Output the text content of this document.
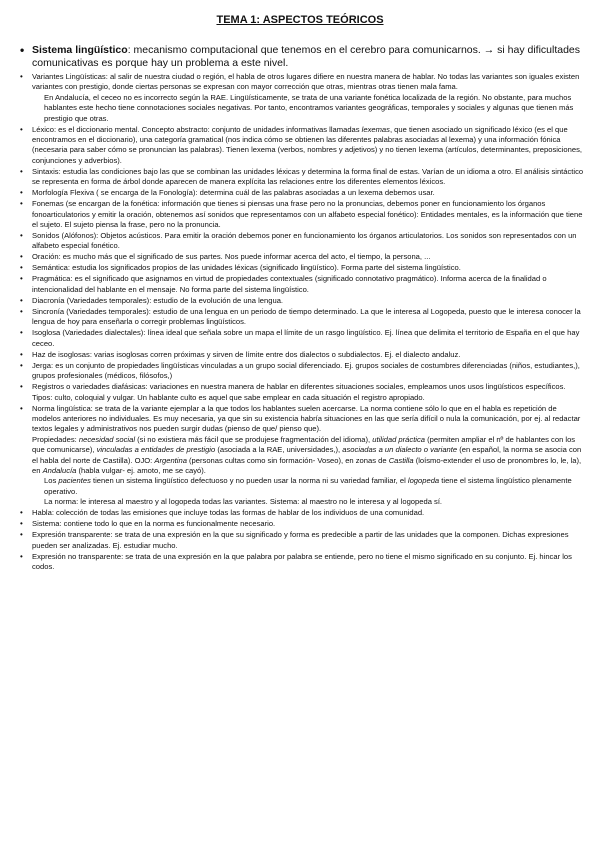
TEMA 1: ASPECTOS TEÓRICOS
• Sistema lingüístico: mecanismo computacional que tenemos en el cerebro para comunicarnos. → si hay dificultades comunicativas es porque hay un problema a este nivel.
• Variantes Lingüísticas: al salir de nuestra ciudad o región, el habla de otros lugares difiere en nuestra manera de hablar. No todas las variantes son iguales existen variantes con prestigio, donde ciertas personas se expresan con mayor corrección que otras, mientras otras tienen mala fama.
En Andalucía, el ceceo no es incorrecto según la RAE. Lingüísticamente, se trata de una variante fonética localizada de la región. No obstante, para muchos hablantes este hecho tiene connotaciones sociales negativas. Por tanto, encontramos variantes geográficas, temporales y sociales y algunas que tienen más prestigio que otras.
• Léxico: es el diccionario mental. Concepto abstracto: conjunto de unidades informativas llamadas lexemas, que tienen asociado un significado léxico (es el que encontramos en el diccionario), una categoría gramatical (nos indica cómo se obtienen las diferentes palabras asociadas al lexema) y una información fónica (necesaria para saber cómo se pronuncian las palabras). Tienen lexema (verbos, nombres y adjetivos) y no tienen lexema (artículos, determinantes, preposiciones, conjunciones y adverbios).
• Sintaxis: estudia las condiciones bajo las que se combinan las unidades léxicas y determina la forma final de estas. Varían de un idioma a otro. El análisis sintáctico se representa en forma de árbol donde aparecen de manera explícita las relaciones entre los diferentes elementos léxicos.
• Morfología Flexiva ( se encarga de la Fonología): determina cuál de las palabras asociadas a un lexema debemos usar.
• Fonemas (se encargan de la fonética: información que tienes si piensas una frase pero no la pronuncias, debemos poner en funcionamiento los órganos fonoarticulatorios y emitir la oración, obtenemos así sonidos que representamos con un alfabeto especial fonético): Entidades mentales, es la información que tiene el sujeto. El sujeto piensa la frase, pero no la pronuncia.
• Sonidos (Alófonos): Objetos acústicos. Para emitir la oración debemos poner en funcionamiento los órganos articulatorios. Los sonidos son representados con un alfabeto especial fonético.
• Oración: es mucho más que el significado de sus partes. Nos puede informar acerca del acto, el tiempo, la persona, ...
• Semántica: estudia los significados propios de las unidades léxicas (significado lingüístico). Forma parte del sistema lingüístico.
• Pragmática: es el significado que asignamos en virtud de propiedades contextuales (significado connotativo pragmático). Informa acerca de la finalidad o intencionalidad del hablante en el mensaje. No forma parte del sistema lingüístico.
• Diacronía (Variedades temporales): estudio de la evolución de una lengua.
• Sincronía (Variedades temporales): estudio de una lengua en un periodo de tiempo determinado. La que le interesa al Logopeda, puesto que le interesa conocer la lengua de hoy para enseñarla o corregir problemas lingüísticos.
• Isoglosa (Variedades dialectales): línea ideal que señala sobre un mapa el límite de un rasgo lingüístico. Ej. línea que delimita el territorio de España en el que hay ceceo.
• Haz de isoglosas: varias isoglosas corren próximas y sirven de límite entre dos dialectos o subdialectos. Ej. el dialecto andaluz.
• Jerga: es un conjunto de propiedades lingüísticas vinculadas a un grupo social diferenciado. Ej. grupos sociales de costumbres diferenciadas (niños, estudiantes,), grupos profesionales (médicos, filósofos,)
• Registros o variedades diafásicas: variaciones en nuestra manera de hablar en diferentes situaciones sociales, empleamos unos usos lingüísticos específicos. Tipos: culto, coloquial y vulgar. Un hablante culto es aquel que sabe emplear en cada situación el registro apropiado.
• Norma lingüística: se trata de la variante ejemplar a la que todos los hablantes suelen acercarse. La norma contiene sólo lo que en el habla es repetición de modelos anteriores no individuales. Es muy necesaria, ya que sin su existencia habría situaciones en las que sería difícil o nula la comunicación, por ej. al redactar textos legales y administrativos nos pueden surgir dudas (pienso de que/ pienso que).
Propiedades: necesidad social (si no existiera más fácil que se produjese fragmentación del idioma), utilidad práctica (permiten ampliar el nº de hablantes con los que comunicarse), vinculadas a entidades de prestigio (asociada a la RAE, universidades,), asociadas a un dialecto o variante (en español, la norma se asocia con el habla del norte de Castilla). OJO: Argentina (personas cultas como sin formación- Voseo), en zonas de Castilla (loísmo-extender el uso de pronombres lo, le, la), en Andalucía (habla vulgar- ej. amoto, me se cayó).
Los pacientes tienen un sistema lingüístico defectuoso y no pueden usar la norma ni su variedad familiar, el logopeda tiene el sistema lingüístico plenamente operativo.
La norma: le interesa al maestro y al logopeda todas las variantes. Sistema: al maestro no le interesa y al logopeda sí.
• Habla: colección de todas las emisiones que incluye todas las formas de hablar de los individuos de una comunidad.
• Sistema: contiene todo lo que en la norma es funcionalmente necesario.
• Expresión transparente: se trata de una expresión en la que su significado y forma es predecible a partir de las unidades que la componen. Dichas expresiones pueden ser analizadas. Ej. estudiar mucho.
• Expresión no transparente: se trata de una expresión en la que palabra por palabra se entiende, pero no tiene el mismo significado en su conjunto. Ej. hincar los codos.
